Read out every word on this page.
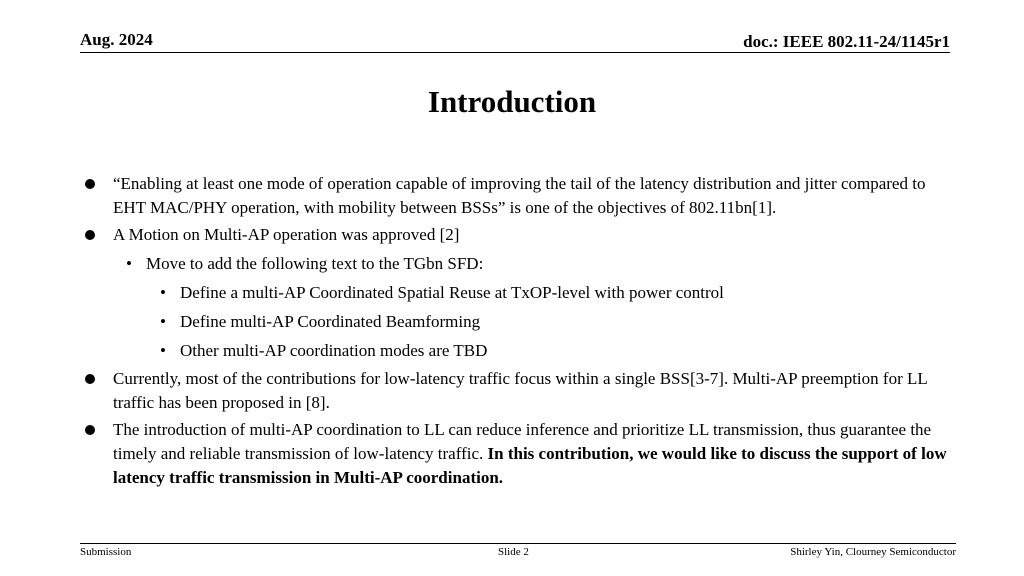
Aug. 2024	doc.: IEEE 802.11-24/1145r1
Introduction
“Enabling at least one mode of operation capable of improving the tail of the latency distribution and jitter compared to EHT MAC/PHY operation, with mobility between BSSs” is one of the objectives of 802.11bn[1].
A Motion on Multi-AP operation was approved [2]
• Move to add the following text to the TGbn SFD:
• Define a multi-AP Coordinated Spatial Reuse at TxOP-level with power control
• Define multi-AP Coordinated Beamforming
• Other multi-AP coordination modes are TBD
Currently, most of the contributions for low-latency traffic focus within a single BSS[3-7]. Multi-AP preemption for LL traffic has been proposed in [8].
The introduction of multi-AP coordination to LL can reduce inference and prioritize LL transmission, thus guarantee the timely and reliable transmission of low-latency traffic. In this contribution, we would like to discuss the support of low latency traffic transmission in Multi-AP coordination.
Submission	Slide 2	Shirley Yin, Clourney Semiconductor
